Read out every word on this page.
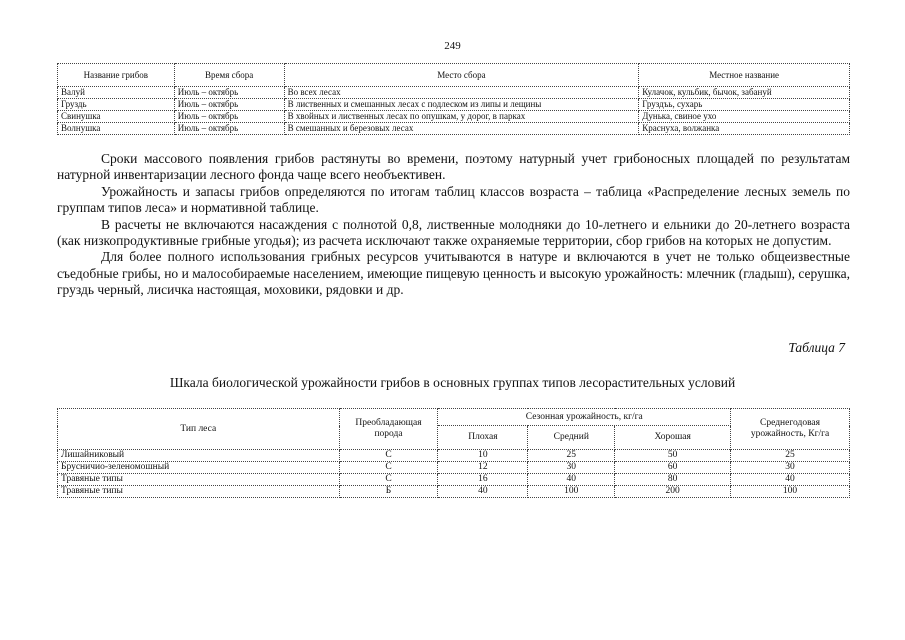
249
Название грибов	Время сбора	Место сбора	Местное название
Валуй	Июль – октябрь	Во всех лесах	Кулачок, кульбик, бычок, забануй
Груздь	Июль – октябрь	В лиственных и смешанных лесах с подлеском из липы и лещины	Груздъь, сухарь
Свинушка	Июль – октябрь	В хвойных и лиственных лесах по опушкам, у дорог, в парках	Дунька, свиное ухо
Волнушка	Июль – октябрь	В смешанных и березовых лесах	Краснуха, волжанка

Сроки массового появления грибов растянуты во времени, поэтому натурный учет грибоносных площадей по результатам натурной инвентаризации лесного фонда чаще всего необъективен.

Урожайность и запасы грибов определяются по итогам таблиц классов возраста – таблица «Распределение лесных земель по группам типов леса» и нормативной таблице.

В расчеты не включаются насаждения с полнотой 0,8, лиственные молодняки до 10-летнего и ельники до 20-летнего возраста (как низкопродуктивные грибные угодья); из расчета исключают также охраняемые территории, сбор грибов на которых не допустим.

Для более полного использования грибных ресурсов учитываются в натуре и включаются в учет не только общеизвестные съедобные грибы, но и малособираемые населением, имеющие пищевую ценность и высокую урожайность: млечник (гладыш), серушка, груздь черный, лисичка настоящая, моховики, рядовки и др.

Таблица 7
Шкала биологической урожайности грибов в основных группах типов лесорастительных условий
Тип леса	Преобладающая порода	Сезонная урожайность, кг/га			Среднегодовая урожайность, Кг/га
		Плохая	Средний	Хорошая	
Лишайниковый	С	10	25	50	25
Брусничио-зеленомошный	С	12	30	60	30
Травяные типы	С	16	40	80	40
Травяные типы	Б	40	100	200	100
